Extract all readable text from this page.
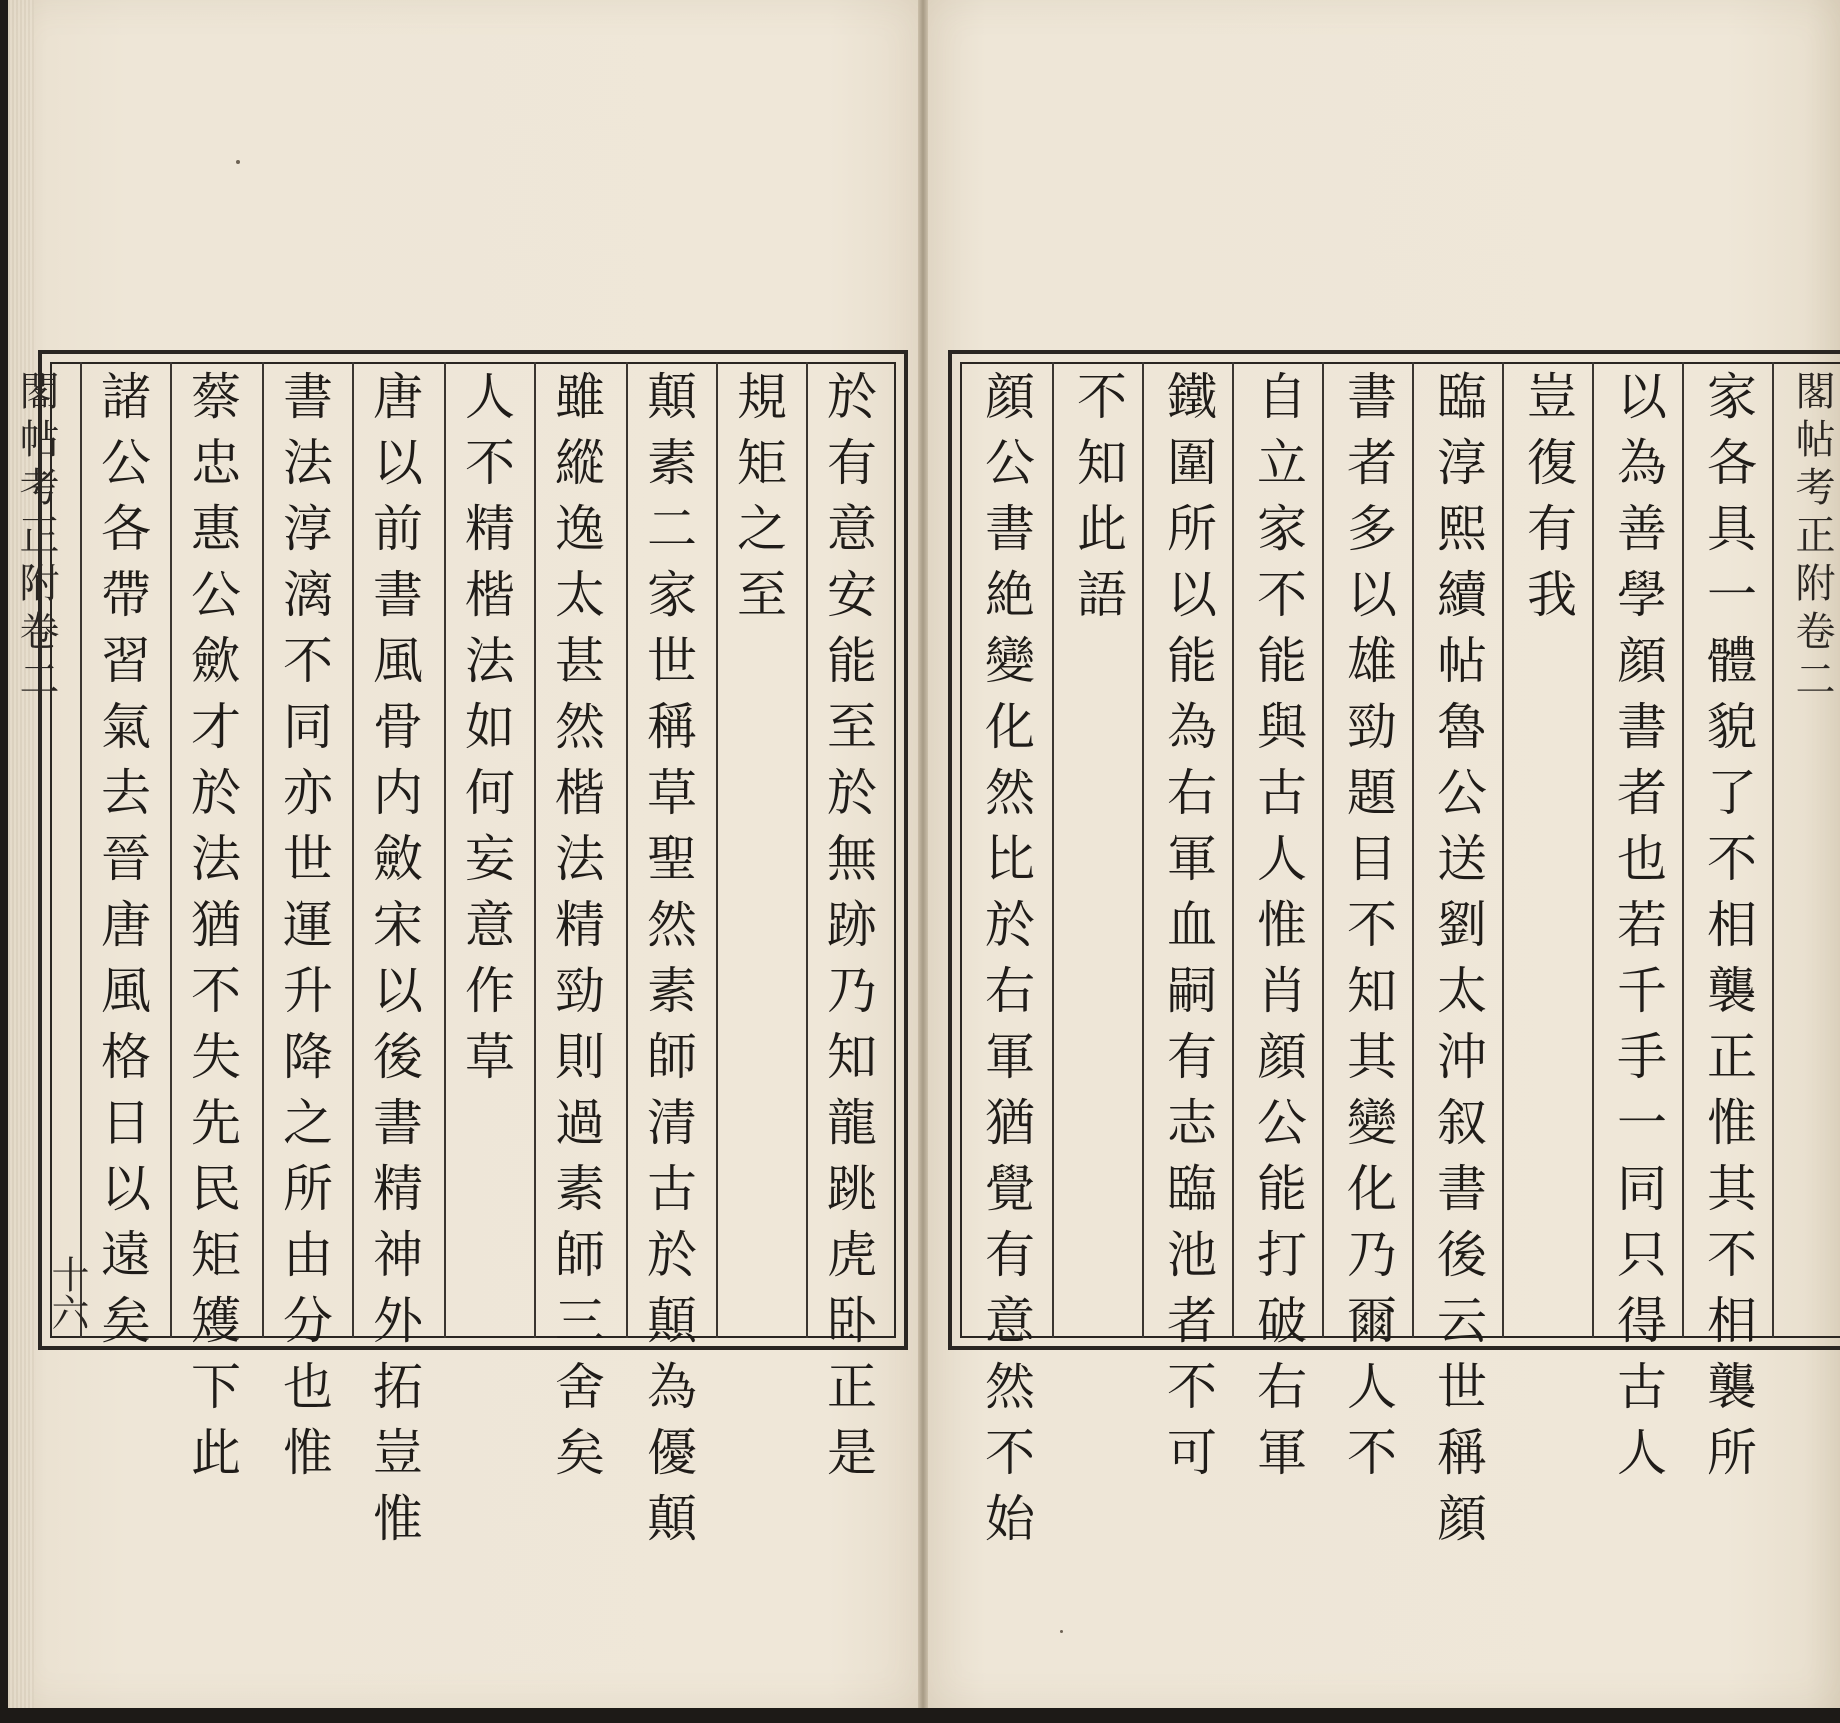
閣帖考正附卷二
十六	於有意安能至於無跡乃知龍跳虎卧正是
規矩之至
顛素二家世稱草聖然素師清古於顛為優顛
雖縱逸太甚然楷法精勁則過素師三舍矣
人不精楷法如何妄意作草
唐以前書風骨内斂宋以後書精神外拓豈惟
書法淳漓不同亦世運升降之所由分也惟
蔡忠惠公歛才於法猶不失先民矩矱下此
諸公各帶習氣去晉唐風格日以遠矣	閣帖考正附卷二
家各具一體貌了不相襲正惟其不相襲所
以為善學顔書者也若千手一同只得古人
豈復有我
臨淳熙續帖魯公送劉太沖叙書後云世稱顔
書者多以雄勁題目不知其變化乃爾人不
自立家不能與古人惟肖顔公能打破右軍
鐵圍所以能為右軍血嗣有志臨池者不可
不知此語
顔公書絶變化然比於右軍猶覺有意然不始
